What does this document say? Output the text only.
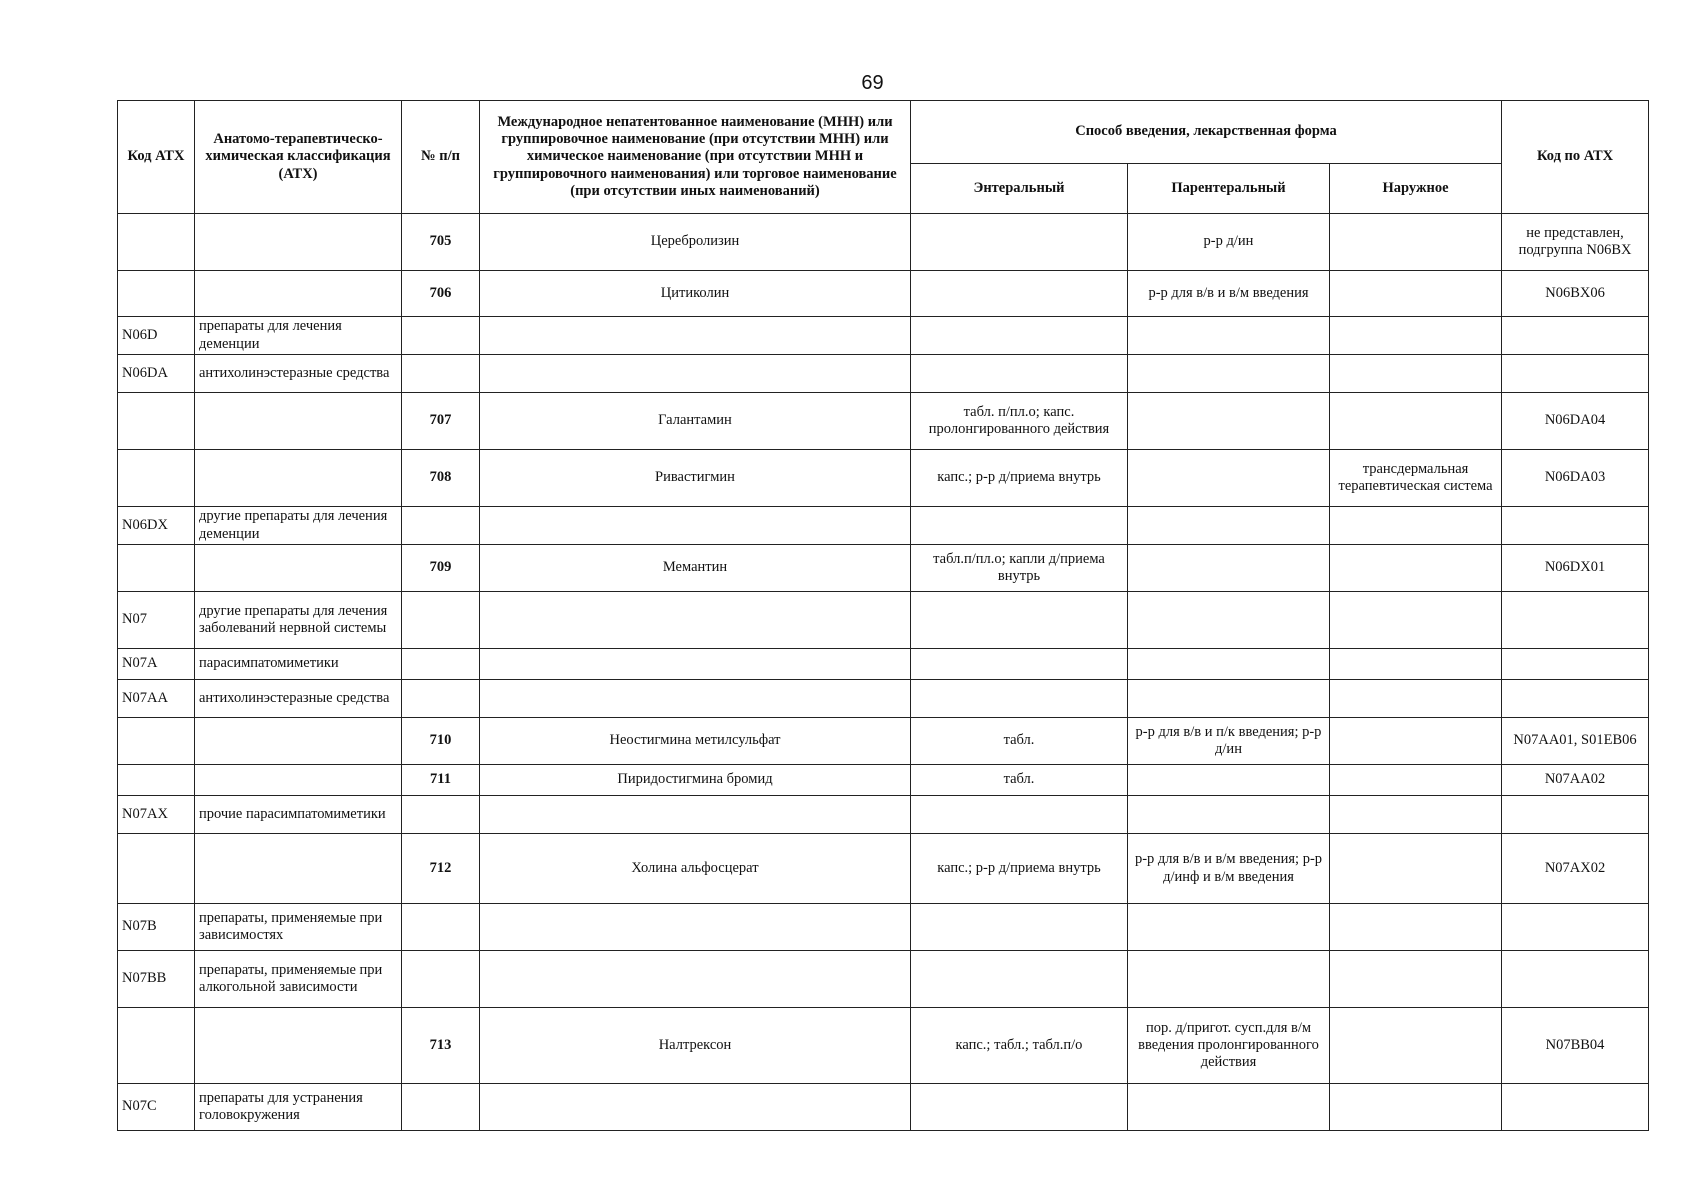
69
Код АТХ	Анатомо-терапевтическо-химическая классификация (АТХ)	№ п/п	Международное непатентованное наименование (МНН) или группировочное наименование (при отсутствии МНН) или химическое наименование (при отсутствии МНН и группировочного наименования) или торговое наименование (при отсутствии иных наименований)	Способ введения, лекарственная форма			Код по АТХ
				Энтеральный	Парентеральный	Наружное	
		705	Церебролизин		р-р д/ин		не представлен, подгруппа N06BX
		706	Цитиколин		р-р для в/в и в/м введения		N06BX06
N06D	препараты для лечения деменции						
N06DA	антихолинэстеразные средства						
		707	Галантамин	табл. п/пл.о; капс. пролонгированного действия			N06DA04
		708	Ривастигмин	капс.; р-р д/приема внутрь		трансдермальная терапевтическая система	N06DA03
N06DX	другие препараты для лечения деменции						
		709	Мемантин	табл.п/пл.о; капли д/приема внутрь			N06DX01
N07	другие препараты для лечения заболеваний нервной системы						
N07A	парасимпатомиметики						
N07AA	антихолинэстеразные средства						
		710	Неостигмина метилсульфат	табл.	р-р для в/в и п/к введения; р-р д/ин		N07AA01, S01EB06
		711	Пиридостигмина бромид	табл.			N07AA02
N07AX	прочие парасимпатомиметики						
		712	Холина альфосцерат	капс.; р-р д/приема внутрь	р-р для в/в и в/м введения; р-р д/инф и в/м введения		N07AX02
N07B	препараты, применяемые при зависимостях						
N07BB	препараты, применяемые при алкогольной зависимости						
		713	Налтрексон	капс.; табл.; табл.п/о	пор. д/пригот. сусп.для в/м введения пролонгированного действия		N07BB04
N07C	препараты для устранения головокружения						
